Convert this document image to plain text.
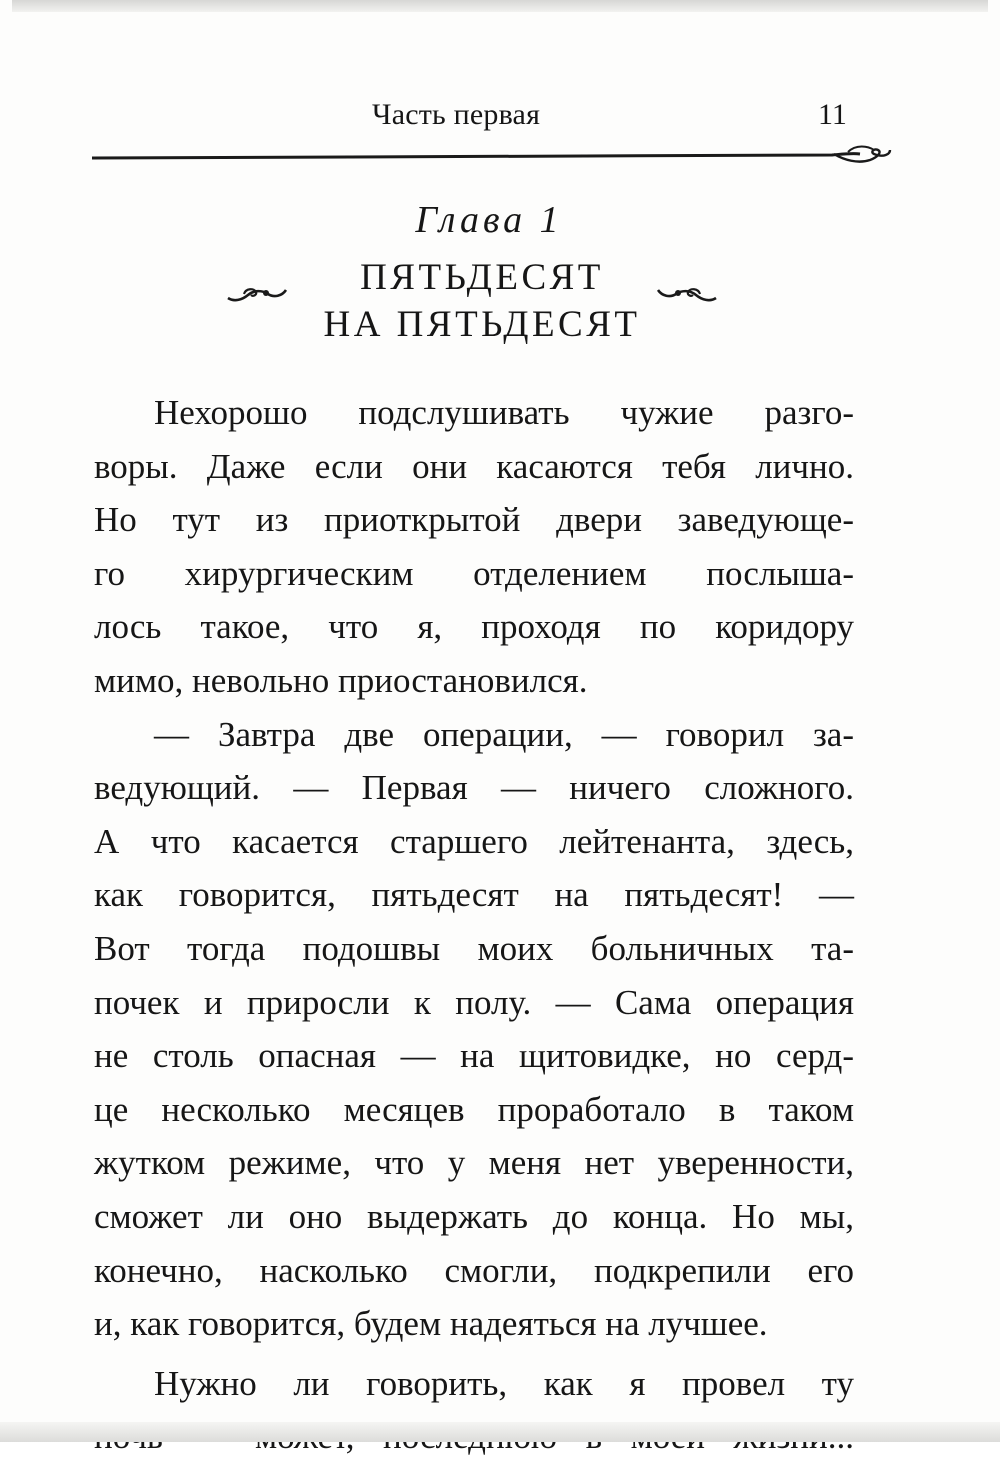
Часть первая	11
Глава 1
ПЯТЬДЕСЯТ
НА ПЯТЬДЕСЯТ
Нехорошо подслушивать чужие разго-
воры. Даже если они касаются тебя лично.
Но тут из приоткрытой двери заведующе-
го хирургическим отделением послыша-
лось такое, что я, проходя по коридору
мимо, невольно приостановился.
— Завтра две операции, — говорил за-
ведующий. — Первая — ничего сложного.
А что касается старшего лейтенанта, здесь,
как говорится, пятьдесят на пятьдесят! —
Вот тогда подошвы моих больничных та-
почек и приросли к полу. — Сама операция
не столь опасная — на щитовидке, но серд-
це несколько месяцев проработало в таком
жутком режиме, что у меня нет уверенности,
сможет ли оно выдержать до конца. Но мы,
конечно, насколько смогли, подкрепили его
и, как говорится, будем надеяться на лучшее.
Нужно ли говорить, как я провел ту
